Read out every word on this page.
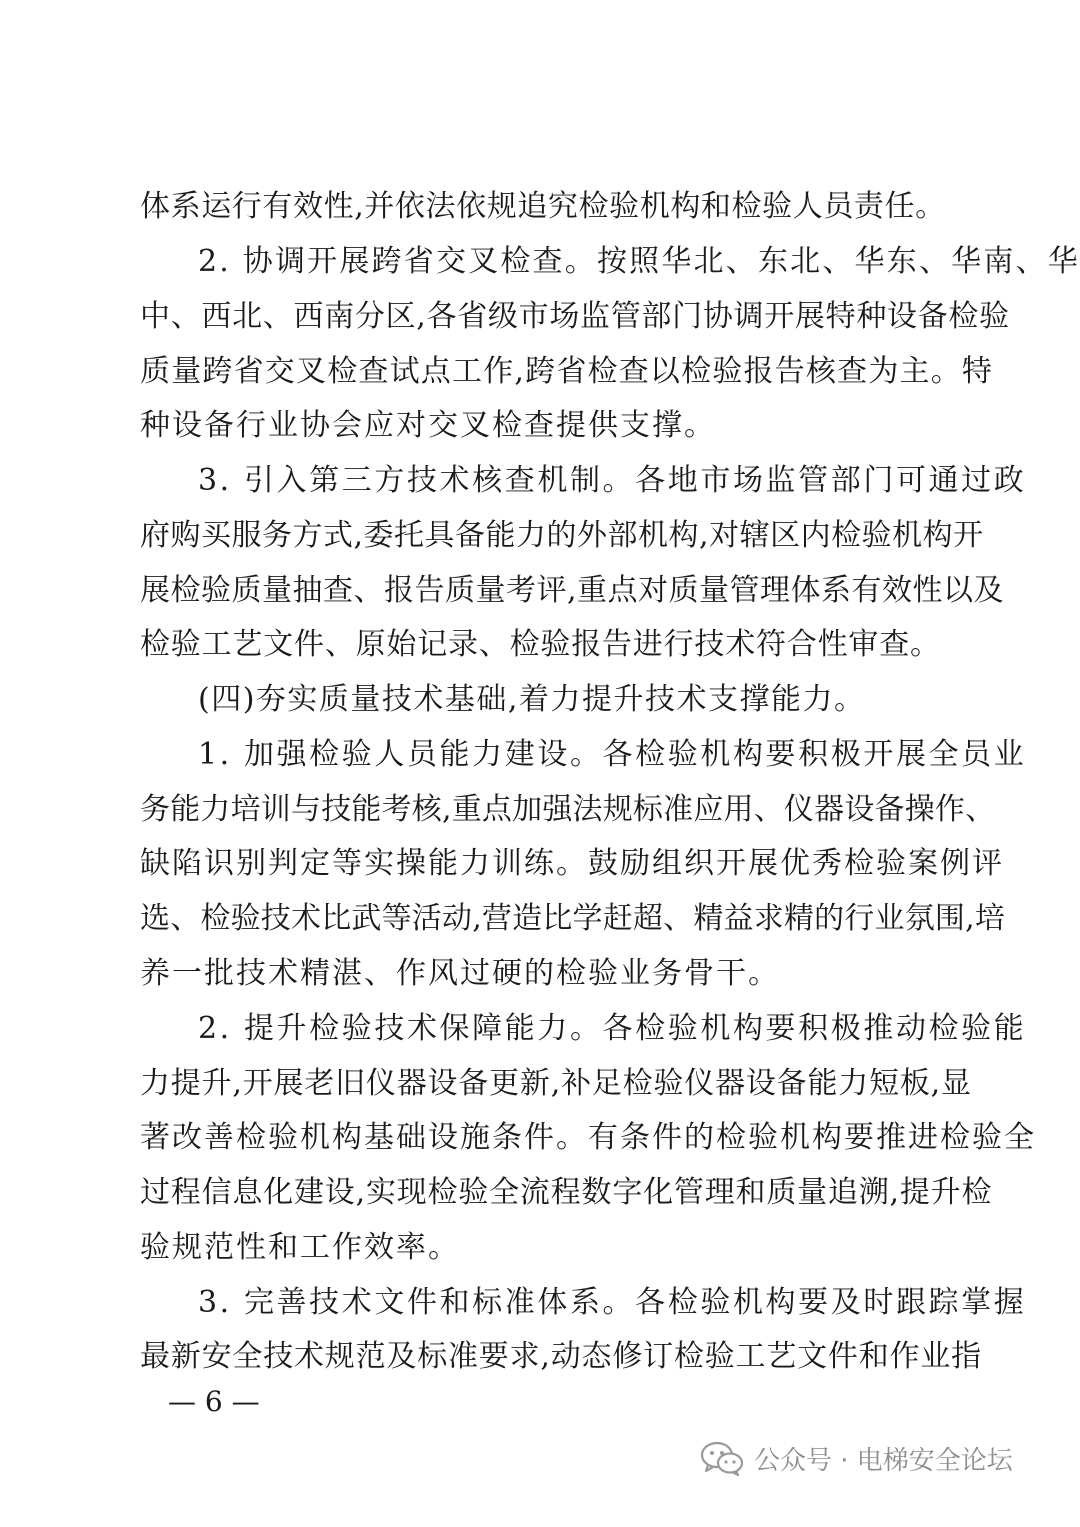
体系运行有效性,并依法依规追究检验机构和检验人员责任。
2. 协调开展跨省交叉检查。按照华北、东北、华东、华南、华
中、西北、西南分区,各省级市场监管部门协调开展特种设备检验
质量跨省交叉检查试点工作,跨省检查以检验报告核查为主。特
种设备行业协会应对交叉检查提供支撑。
3. 引入第三方技术核查机制。各地市场监管部门可通过政
府购买服务方式,委托具备能力的外部机构,对辖区内检验机构开
展检验质量抽查、报告质量考评,重点对质量管理体系有效性以及
检验工艺文件、原始记录、检验报告进行技术符合性审查。
(四)夯实质量技术基础,着力提升技术支撑能力。
1. 加强检验人员能力建设。各检验机构要积极开展全员业
务能力培训与技能考核,重点加强法规标准应用、仪器设备操作、
缺陷识别判定等实操能力训练。鼓励组织开展优秀检验案例评
选、检验技术比武等活动,营造比学赶超、精益求精的行业氛围,培
养一批技术精湛、作风过硬的检验业务骨干。
2. 提升检验技术保障能力。各检验机构要积极推动检验能
力提升,开展老旧仪器设备更新,补足检验仪器设备能力短板,显
著改善检验机构基础设施条件。有条件的检验机构要推进检验全
过程信息化建设,实现检验全流程数字化管理和质量追溯,提升检
验规范性和工作效率。
3. 完善技术文件和标准体系。各检验机构要及时跟踪掌握
最新安全技术规范及标准要求,动态修订检验工艺文件和作业指
— 6 —
公众号 · 电梯安全论坛
